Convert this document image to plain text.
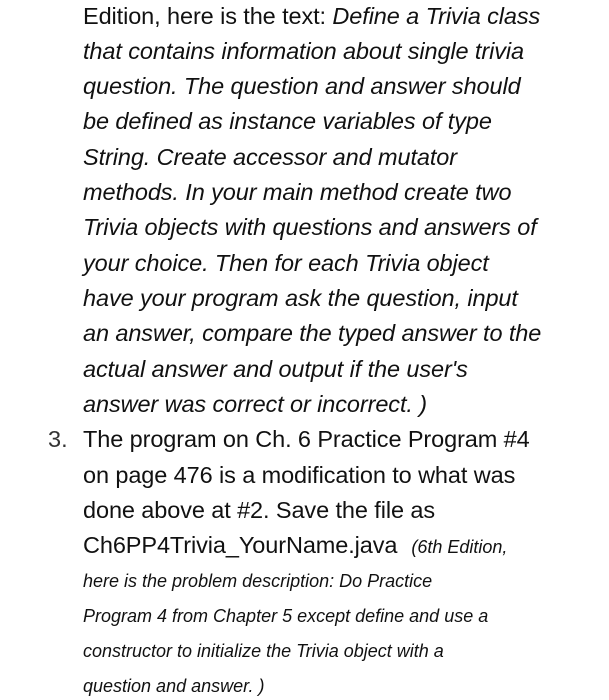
Edition, here is the text: Define a Trivia class
that contains information about single trivia
question. The question and answer should
be defined as instance variables of type
String. Create accessor and mutator
methods. In your main method create two
Trivia objects with questions and answers of
your choice. Then for each Trivia object
have your program ask the question, input
an answer, compare the typed answer to the
actual answer and output if the user's
answer was correct or incorrect. )
3. The program on Ch. 6 Practice Program #4
on page 476 is a modification to what was
done above at #2. Save the file as
Ch6PP4Trivia_YourName.java (6th Edition,
here is the problem description: Do Practice
Program 4 from Chapter 5 except define and use a
constructor to initialize the Trivia object with a
question and answer. )
